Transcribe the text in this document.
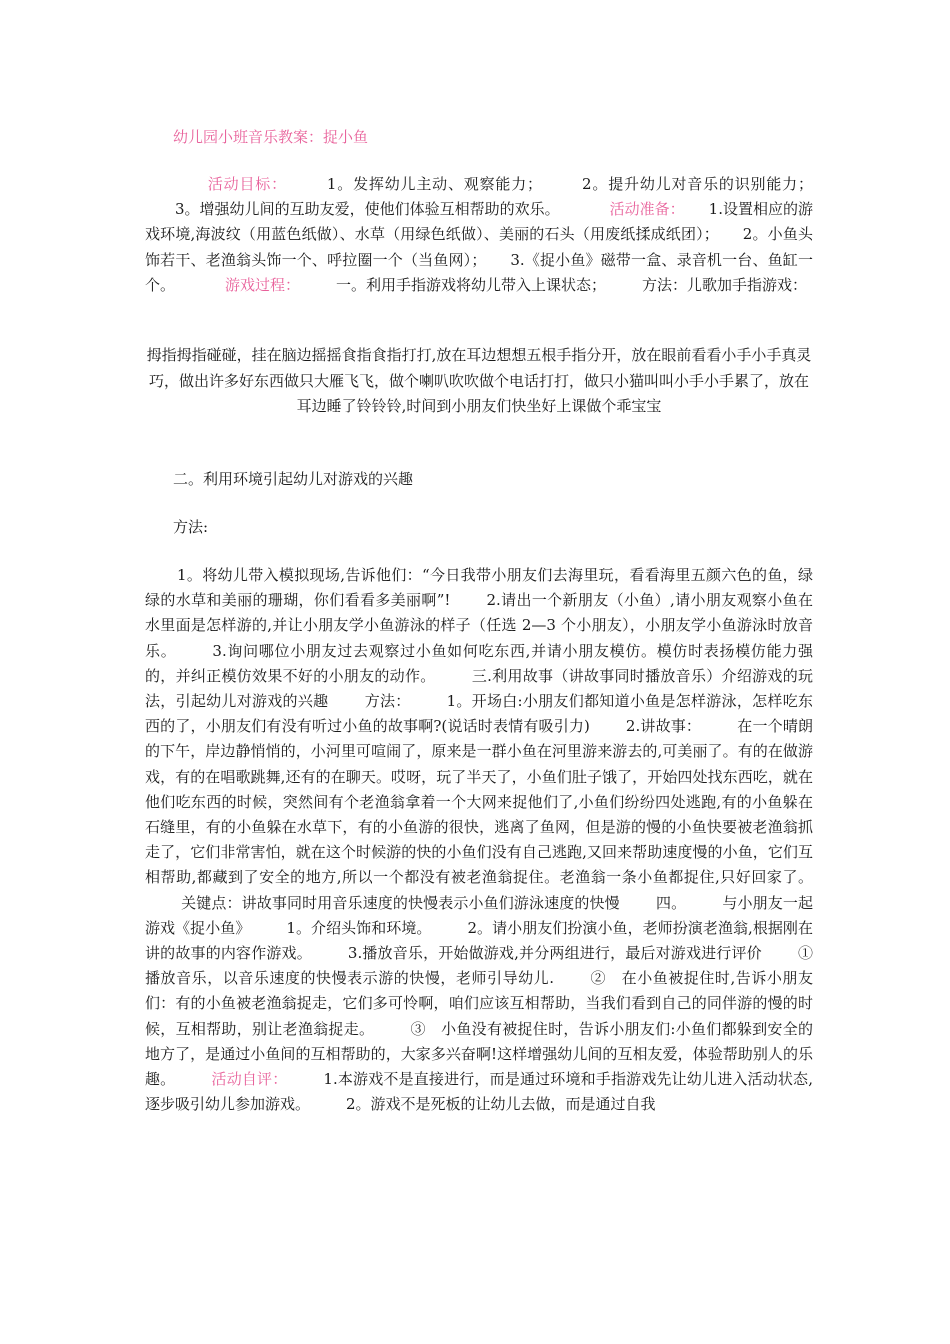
幼儿园小班音乐教案：捉小鱼

活动目标：	1。发挥幼儿主动、观察能力；	2。提升幼儿对音乐的识别能力；3。增强幼儿间的互助友爱，使他们体验互相帮助的欢乐。	活动准备： 1.设置相应的游戏环境,海波纹（用蓝色纸做）、水草（用绿色纸做）、美丽的石头（用废纸揉成纸团）； 2。小鱼头饰若干、老渔翁头饰一个、呼拉圈一个（当鱼网）； 3.《捉小鱼》磁带一盒、录音机一台、鱼缸一个。	游戏过程： 一。利用手指游戏将幼儿带入上课状态； 方法：儿歌加手指游戏：

拇指拇指碰碰，挂在脑边摇摇食指食指打打,放在耳边想想五根手指分开，放在眼前看看小手小手真灵巧，做出许多好东西做只大雁飞飞，做个喇叭吹吹做个电话打打，做只小猫叫叫小手小手累了，放在耳边睡了铃铃铃,时间到小朋友们快坐好上课做个乖宝宝
二。利用环境引起幼儿对游戏的兴趣
方法:

1。将幼儿带入模拟现场,告诉他们：“今日我带小朋友们去海里玩，看看海里五颜六色的鱼，绿绿的水草和美丽的珊瑚，你们看看多美丽啊”! 2.请出一个新朋友（小鱼）,请小朋友观察小鱼在水里面是怎样游的,并让小朋友学小鱼游泳的样子（任选 2—3 个小朋友），小朋友学小鱼游泳时放音乐。 3.询问哪位小朋友过去观察过小鱼如何吃东西,并请小朋友模仿。模仿时表扬模仿能力强的，并纠正模仿效果不好的小朋友的动作。 三.利用故事（讲故事同时播放音乐）介绍游戏的玩法，引起幼儿对游戏的兴趣 方法： 1。开场白:小朋友们都知道小鱼是怎样游泳，怎样吃东西的了，小朋友们有没有听过小鱼的故事啊?(说话时表情有吸引力) 2.讲故事： 在一个晴朗的下午，岸边静悄悄的，小河里可喧闹了，原来是一群小鱼在河里游来游去的,可美丽了。有的在做游戏，有的在唱歌跳舞,还有的在聊天。哎呀，玩了半天了，小鱼们肚子饿了，开始四处找东西吃，就在他们吃东西的时候，突然间有个老渔翁拿着一个大网来捉他们了,小鱼们纷纷四处逃跑,有的小鱼躲在石缝里，有的小鱼躲在水草下，有的小鱼游的很快，逃离了鱼网，但是游的慢的小鱼快要被老渔翁抓走了，它们非常害怕，就在这个时候游的快的小鱼们没有自己逃跑,又回来帮助速度慢的小鱼，它们互相帮助,都藏到了安全的地方,所以一个都没有被老渔翁捉住。老渔翁一条小鱼都捉住,只好回家了。关键点：讲故事同时用音乐速度的快慢表示小鱼们游泳速度的快慢 四。 与小朋友一起游戏《捉小鱼》 1。介绍头饰和环境。 2。请小朋友们扮演小鱼，老师扮演老渔翁,根据刚在讲的故事的内容作游戏。 3.播放音乐，开始做游戏,并分两组进行，最后对游戏进行评价 ①　播放音乐，以音乐速度的快慢表示游的快慢，老师引导幼儿. ②　在小鱼被捉住时,告诉小朋友们：有的小鱼被老渔翁捉走，它们多可怜啊，咱们应该互相帮助，当我们看到自己的同伴游的慢的时候，互相帮助，别让老渔翁捉走。 ③　小鱼没有被捉住时，告诉小朋友们:小鱼们都躲到安全的地方了，是通过小鱼间的互相帮助的，大家多兴奋啊!这样增强幼儿间的互相友爱，体验帮助别人的乐趣。 活动自评： 1.本游戏不是直接进行，而是通过环境和手指游戏先让幼儿进入活动状态,逐步吸引幼儿参加游戏。 2。游戏不是死板的让幼儿去做，而是通过自我
